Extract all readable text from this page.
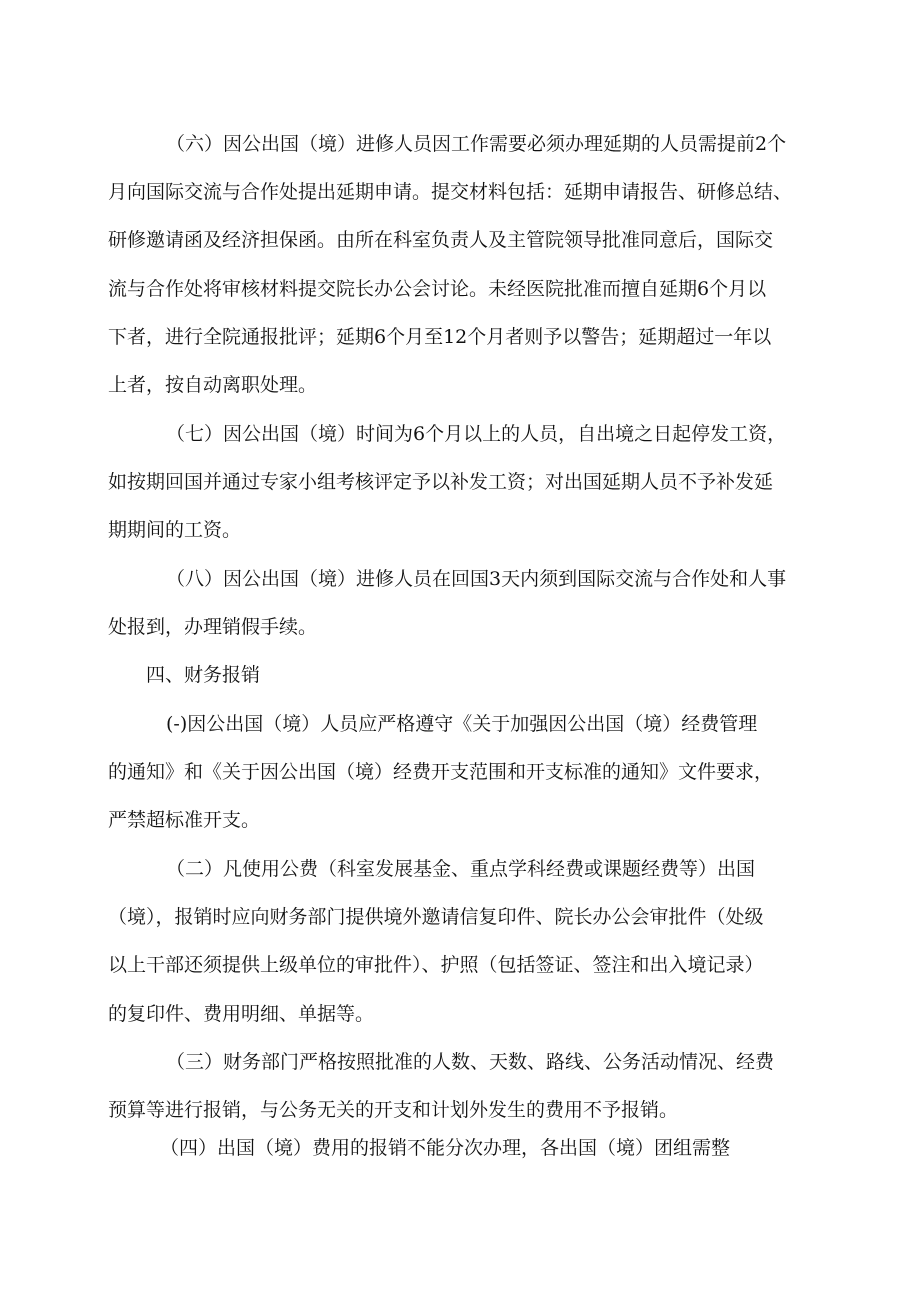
（六）因公出国（境）进修人员因工作需要必须办理延期的人员需提前2个
月向国际交流与合作处提出延期申请。提交材料包括：延期申请报告、研修总结、
研修邀请函及经济担保函。由所在科室负责人及主管院领导批准同意后，国际交
流与合作处将审核材料提交院长办公会讨论。未经医院批准而擅自延期6个月以
下者，进行全院通报批评；延期6个月至12个月者则予以警告；延期超过一年以
上者，按自动离职处理。
（七）因公出国（境）时间为6个月以上的人员，自出境之日起停发工资，
如按期回国并通过专家小组考核评定予以补发工资；对出国延期人员不予补发延
期期间的工资。
（八）因公出国（境）进修人员在回国3天内须到国际交流与合作处和人事
处报到，办理销假手续。
四、财务报销
(-)因公出国（境）人员应严格遵守《关于加强因公出国（境）经费管理
的通知》和《关于因公出国（境）经费开支范围和开支标准的通知》文件要求，
严禁超标准开支。
（二）凡使用公费（科室发展基金、重点学科经费或课题经费等）出国
（境），报销时应向财务部门提供境外邀请信复印件、院长办公会审批件（处级
以上干部还须提供上级单位的审批件）、护照（包括签证、签注和出入境记录）
的复印件、费用明细、单据等。
（三）财务部门严格按照批准的人数、天数、路线、公务活动情况、经费
预算等进行报销，与公务无关的开支和计划外发生的费用不予报销。
（四）出国（境）费用的报销不能分次办理，各出国（境）团组需整
